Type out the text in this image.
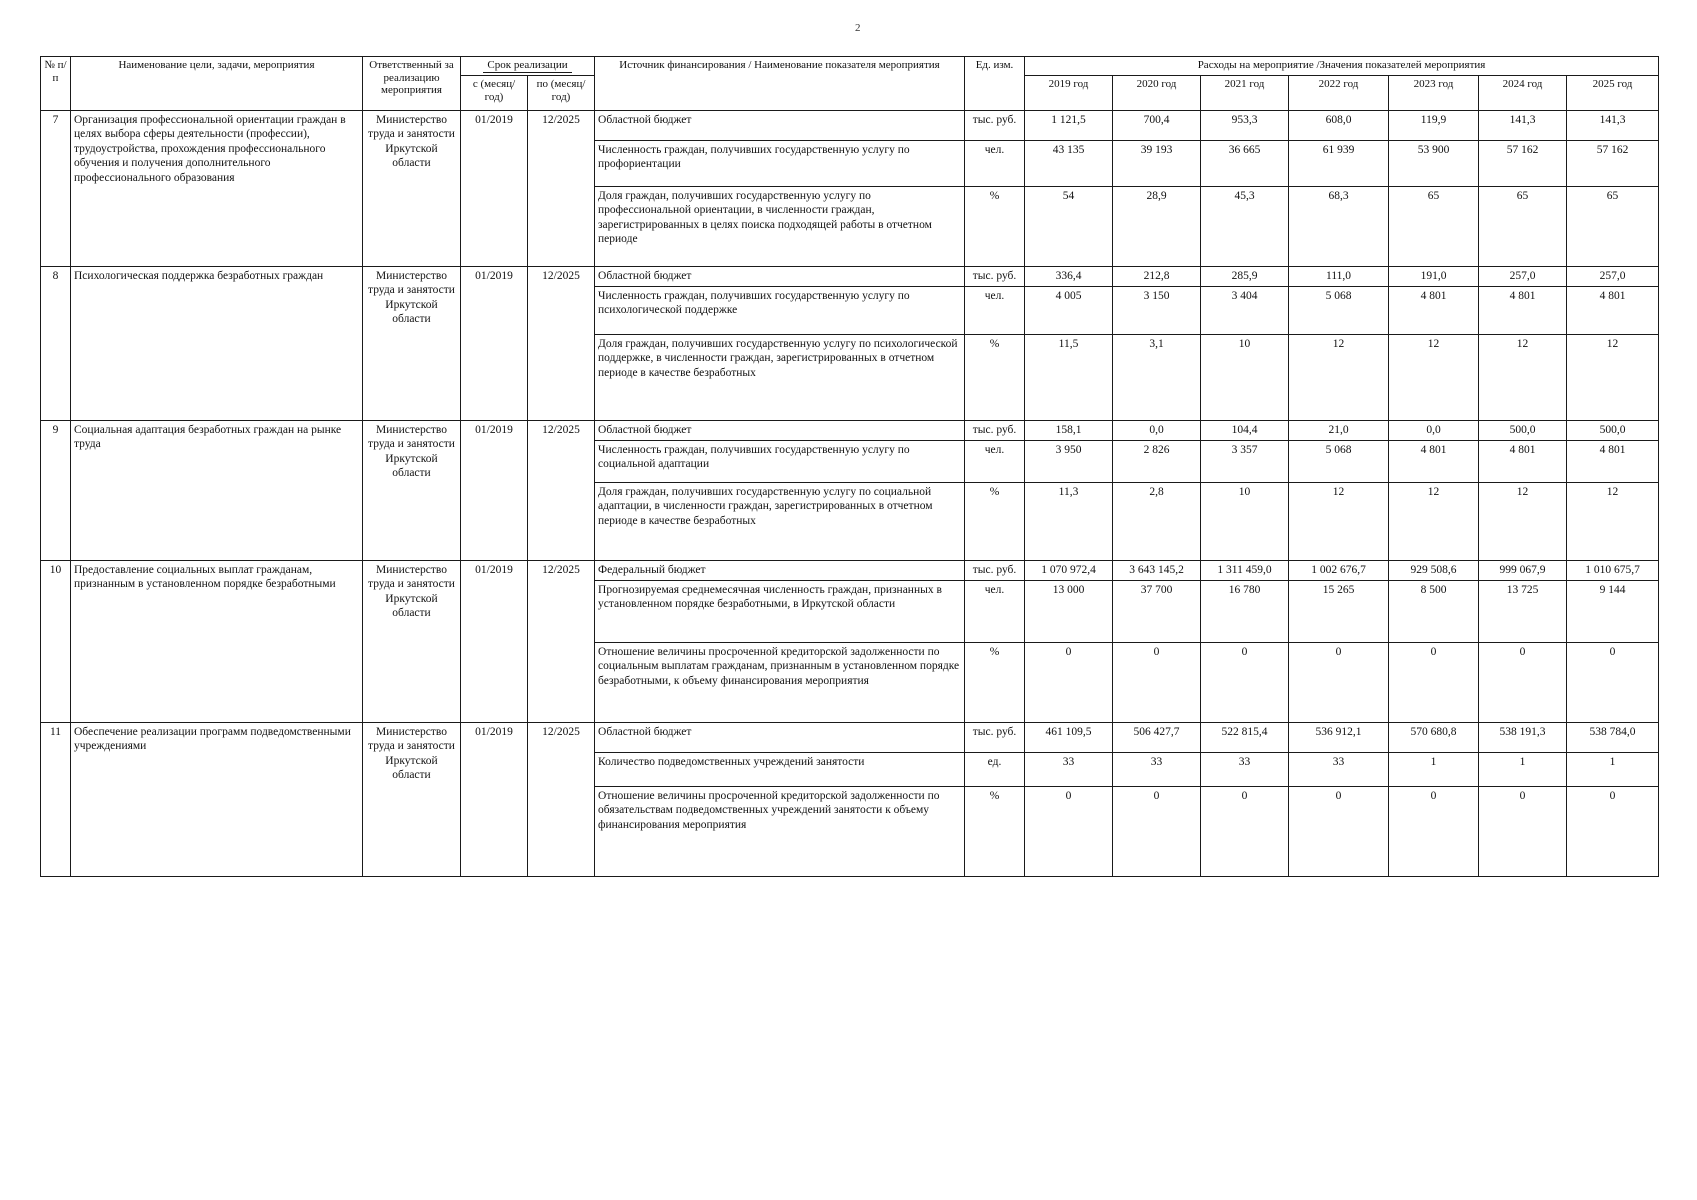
2
№ п/п	Наименование цели, задачи, мероприятия	Ответственный за реализацию мероприятия	Срок реализации		Источник финансирования / Наименование показателя мероприятия	Ед. изм.	Расходы на мероприятие /Значения показателей мероприятия						
			с (месяц/ год)	по (месяц/ год)			2019 год	2020 год	2021 год	2022 год	2023 год	2024 год	2025 год
7	Организация профессиональной ориентации граждан в целях выбора сферы деятельности (профессии), трудоустройства, прохождения профессионального обучения и получения дополнительного профессионального образования	Министерство труда и занятости Иркутской области	01/2019	12/2025	Областной бюджет	тыс. руб.	1 121,5	700,4	953,3	608,0	119,9	141,3	141,3
					Численность граждан, получивших государственную услугу по профориентации	чел.	43 135	39 193	36 665	61 939	53 900	57 162	57 162
					Доля граждан, получивших государственную услугу по профессиональной ориентации, в численности граждан, зарегистрированных в целях поиска подходящей работы в отчетном периоде	%	54	28,9	45,3	68,3	65	65	65
8	Психологическая поддержка безработных граждан	Министерство труда и занятости Иркутской области	01/2019	12/2025	Областной бюджет	тыс. руб.	336,4	212,8	285,9	111,0	191,0	257,0	257,0
					Численность граждан, получивших государственную услугу по психологической поддержке	чел.	4 005	3 150	3 404	5 068	4 801	4 801	4 801
					Доля граждан, получивших государственную услугу по психологической поддержке, в численности граждан, зарегистрированных в отчетном периоде в качестве безработных	%	11,5	3,1	10	12	12	12	12
9	Социальная адаптация безработных граждан на рынке труда	Министерство труда и занятости Иркутской области	01/2019	12/2025	Областной бюджет	тыс. руб.	158,1	0,0	104,4	21,0	0,0	500,0	500,0
					Численность граждан, получивших государственную услугу по социальной адаптации	чел.	3 950	2 826	3 357	5 068	4 801	4 801	4 801
					Доля граждан, получивших государственную услугу по социальной адаптации, в численности граждан, зарегистрированных в отчетном периоде в качестве безработных	%	11,3	2,8	10	12	12	12	12
10	Предоставление социальных выплат гражданам, признанным в установленном порядке безработными	Министерство труда и занятости Иркутской области	01/2019	12/2025	Федеральный бюджет	тыс. руб.	1 070 972,4	3 643 145,2	1 311 459,0	1 002 676,7	929 508,6	999 067,9	1 010 675,7
					Прогнозируемая среднемесячная численность граждан, признанных в установленном порядке безработными, в Иркутской области	чел.	13 000	37 700	16 780	15 265	8 500	13 725	9 144
					Отношение величины просроченной кредиторской задолженности по социальным выплатам гражданам, признанным в установленном порядке безработными, к объему финансирования мероприятия	%	0	0	0	0	0	0	0
11	Обеспечение реализации программ подведомственными учреждениями	Министерство труда и занятости Иркутской области	01/2019	12/2025	Областной бюджет	тыс. руб.	461 109,5	506 427,7	522 815,4	536 912,1	570 680,8	538 191,3	538 784,0
					Количество подведомственных учреждений занятости	ед.	33	33	33	33	1	1	1
					Отношение величины просроченной кредиторской задолженности по обязательствам подведомственных учреждений занятости к объему финансирования мероприятия	%	0	0	0	0	0	0	0
